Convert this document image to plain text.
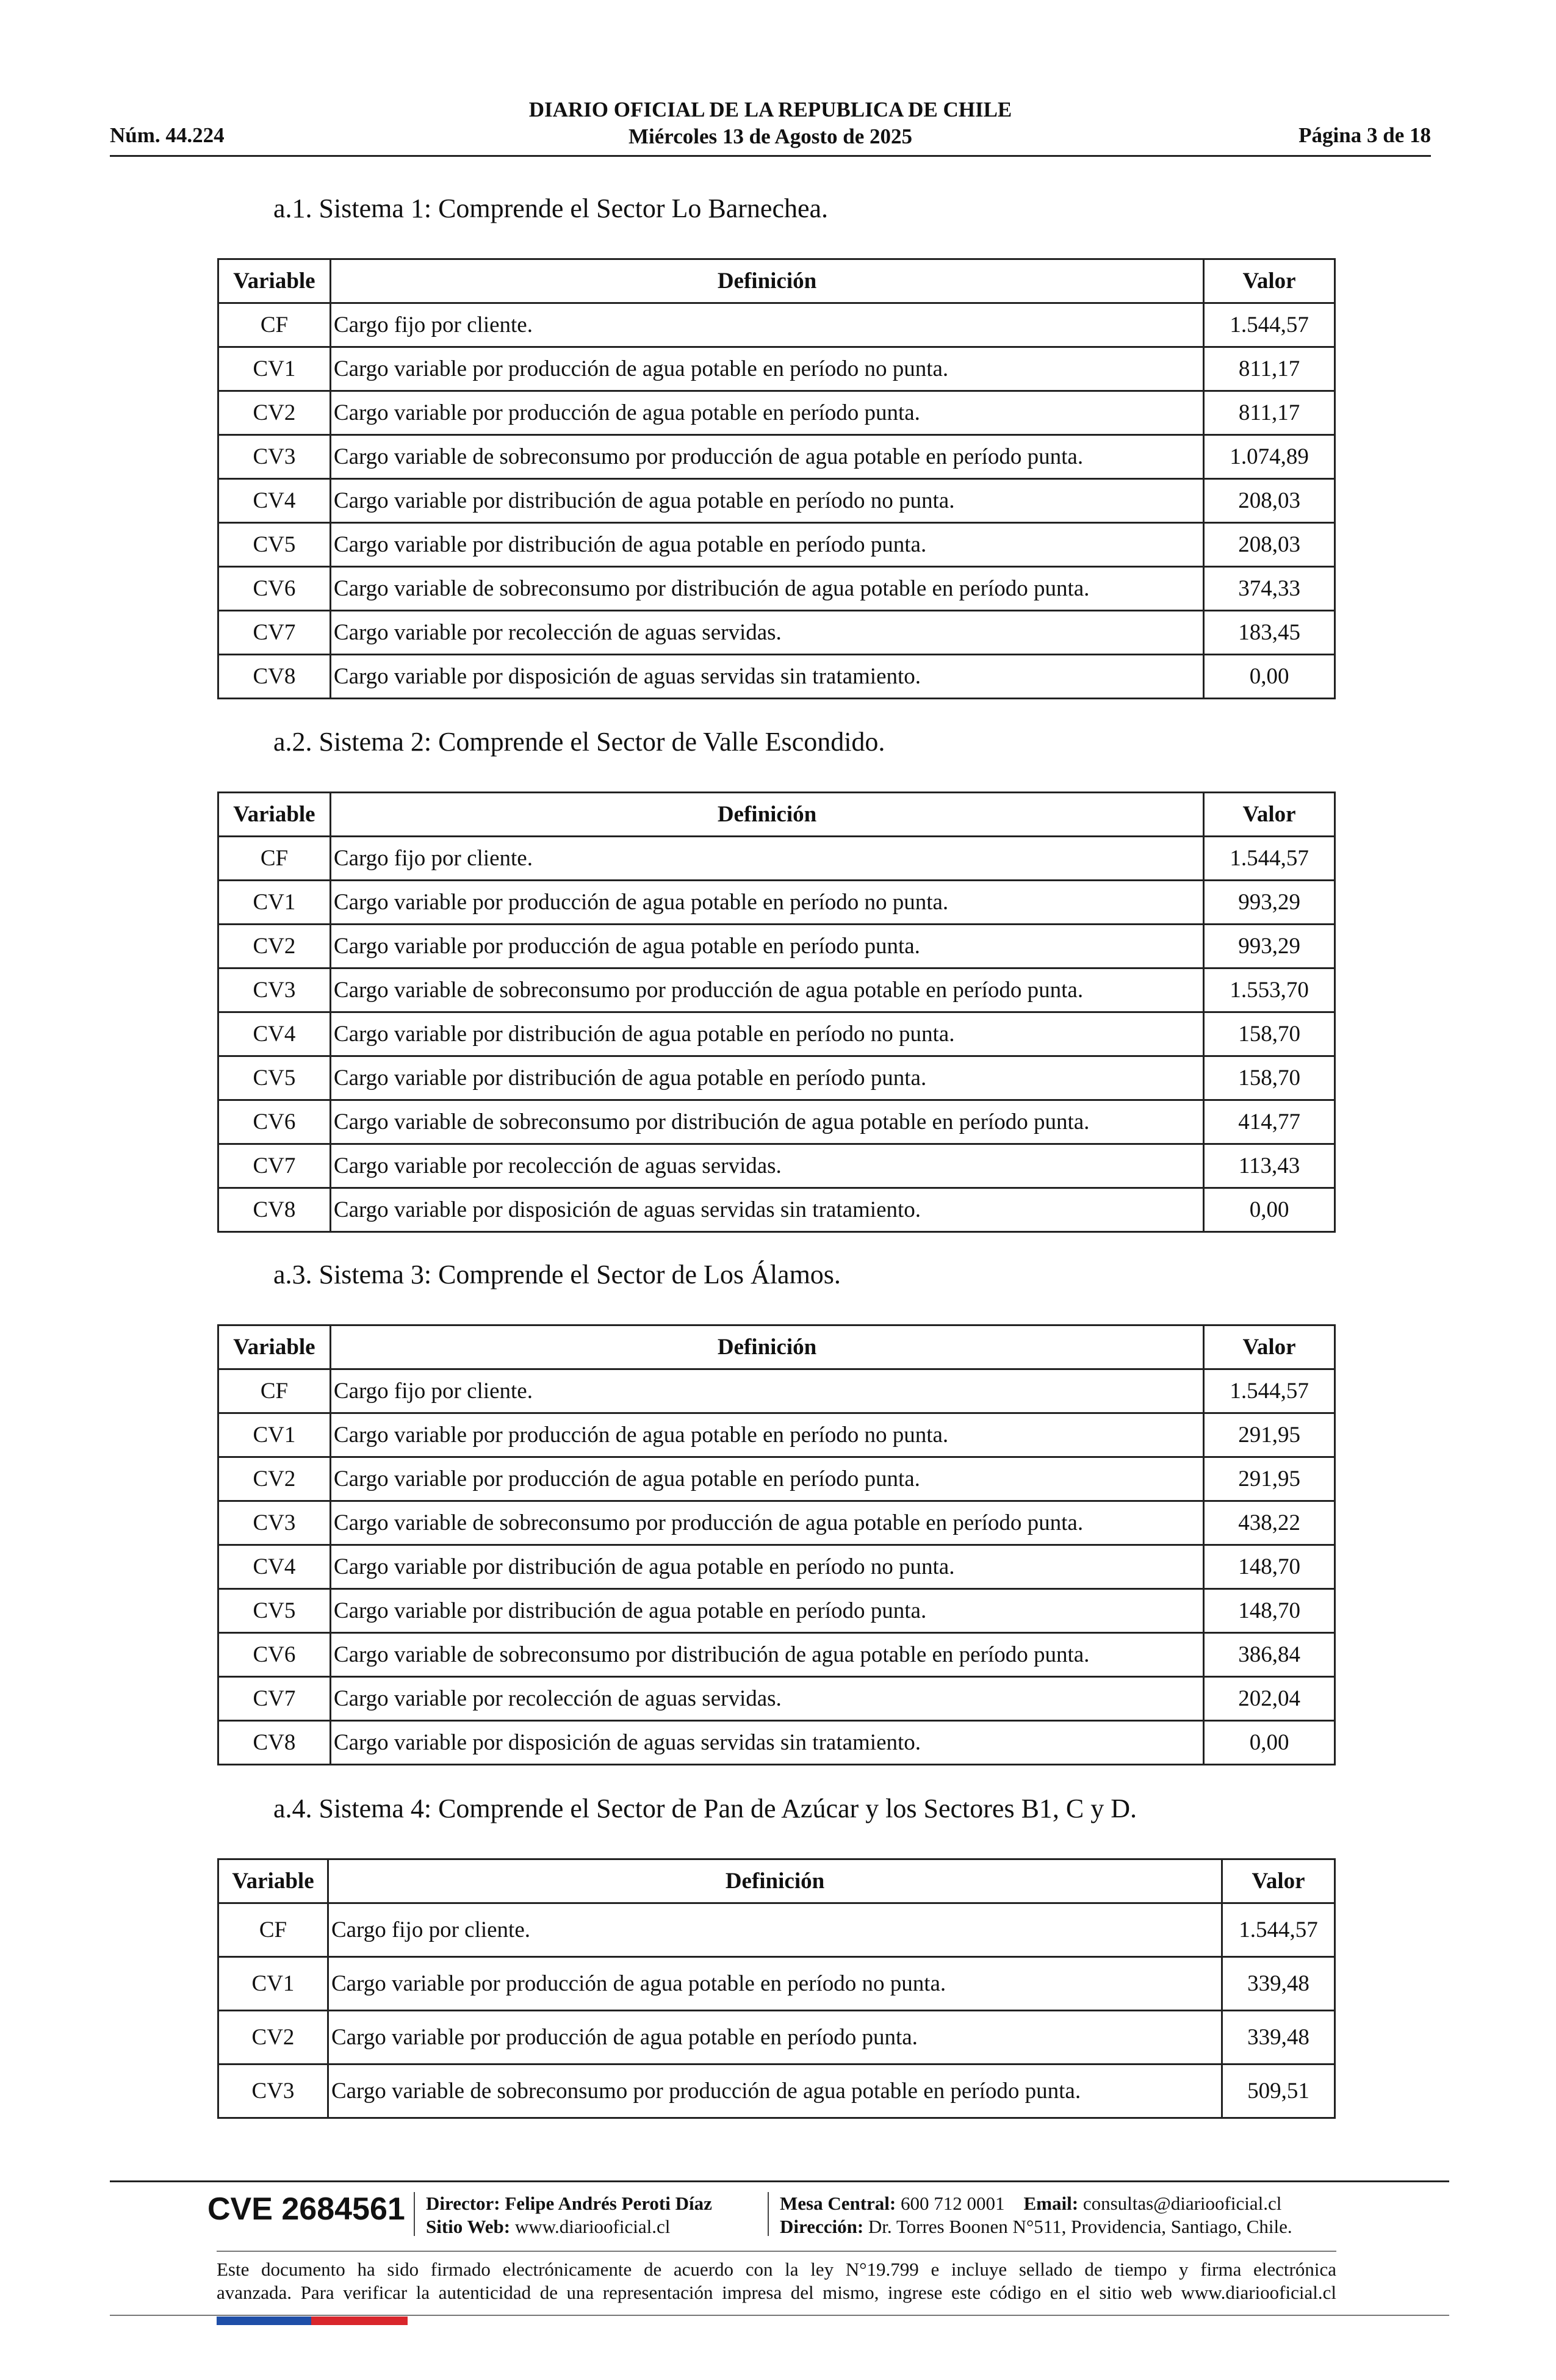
DIARIO OFICIAL DE LA REPUBLICA DE CHILE
Miércoles 13 de Agosto de 2025
Núm. 44.224	Página 3 de 18
a.1. Sistema 1: Comprende el Sector Lo Barnechea.
Variable	Definición	Valor
CF	Cargo fijo por cliente.	1.544,57
CV1	Cargo variable por producción de agua potable en período no punta.	811,17
CV2	Cargo variable por producción de agua potable en período punta.	811,17
CV3	Cargo variable de sobreconsumo por producción de agua potable en período punta.	1.074,89
CV4	Cargo variable por distribución de agua potable en período no punta.	208,03
CV5	Cargo variable por distribución de agua potable en período punta.	208,03
CV6	Cargo variable de sobreconsumo por distribución de agua potable en período punta.	374,33
CV7	Cargo variable por recolección de aguas servidas.	183,45
CV8	Cargo variable por disposición de aguas servidas sin tratamiento.	0,00
a.2. Sistema 2: Comprende el Sector de Valle Escondido.
Variable	Definición	Valor
CF	Cargo fijo por cliente.	1.544,57
CV1	Cargo variable por producción de agua potable en período no punta.	993,29
CV2	Cargo variable por producción de agua potable en período punta.	993,29
CV3	Cargo variable de sobreconsumo por producción de agua potable en período punta.	1.553,70
CV4	Cargo variable por distribución de agua potable en período no punta.	158,70
CV5	Cargo variable por distribución de agua potable en período punta.	158,70
CV6	Cargo variable de sobreconsumo por distribución de agua potable en período punta.	414,77
CV7	Cargo variable por recolección de aguas servidas.	113,43
CV8	Cargo variable por disposición de aguas servidas sin tratamiento.	0,00
a.3. Sistema 3: Comprende el Sector de Los Álamos.
Variable	Definición	Valor
CF	Cargo fijo por cliente.	1.544,57
CV1	Cargo variable por producción de agua potable en período no punta.	291,95
CV2	Cargo variable por producción de agua potable en período punta.	291,95
CV3	Cargo variable de sobreconsumo por producción de agua potable en período punta.	438,22
CV4	Cargo variable por distribución de agua potable en período no punta.	148,70
CV5	Cargo variable por distribución de agua potable en período punta.	148,70
CV6	Cargo variable de sobreconsumo por distribución de agua potable en período punta.	386,84
CV7	Cargo variable por recolección de aguas servidas.	202,04
CV8	Cargo variable por disposición de aguas servidas sin tratamiento.	0,00
a.4. Sistema 4: Comprende el Sector de Pan de Azúcar y los Sectores B1, C y D.
Variable	Definición	Valor
CF	Cargo fijo por cliente.	1.544,57
CV1	Cargo variable por producción de agua potable en período no punta.	339,48
CV2	Cargo variable por producción de agua potable en período punta.	339,48
CV3	Cargo variable de sobreconsumo por producción de agua potable en período punta.	509,51
CVE 2684561 Director: Felipe Andrés Peroti Díaz
Sitio Web: www.diariooficial.cl
Mesa Central: 600 712 0001 Email: consultas@diariooficial.cl
Dirección: Dr. Torres Boonen N°511, Providencia, Santiago, Chile.
Este documento ha sido firmado electrónicamente de acuerdo con la ley N°19.799 e incluye sellado de tiempo y firma electrónica
avanzada. Para verificar la autenticidad de una representación impresa del mismo, ingrese este código en el sitio web www.diariooficial.cl
